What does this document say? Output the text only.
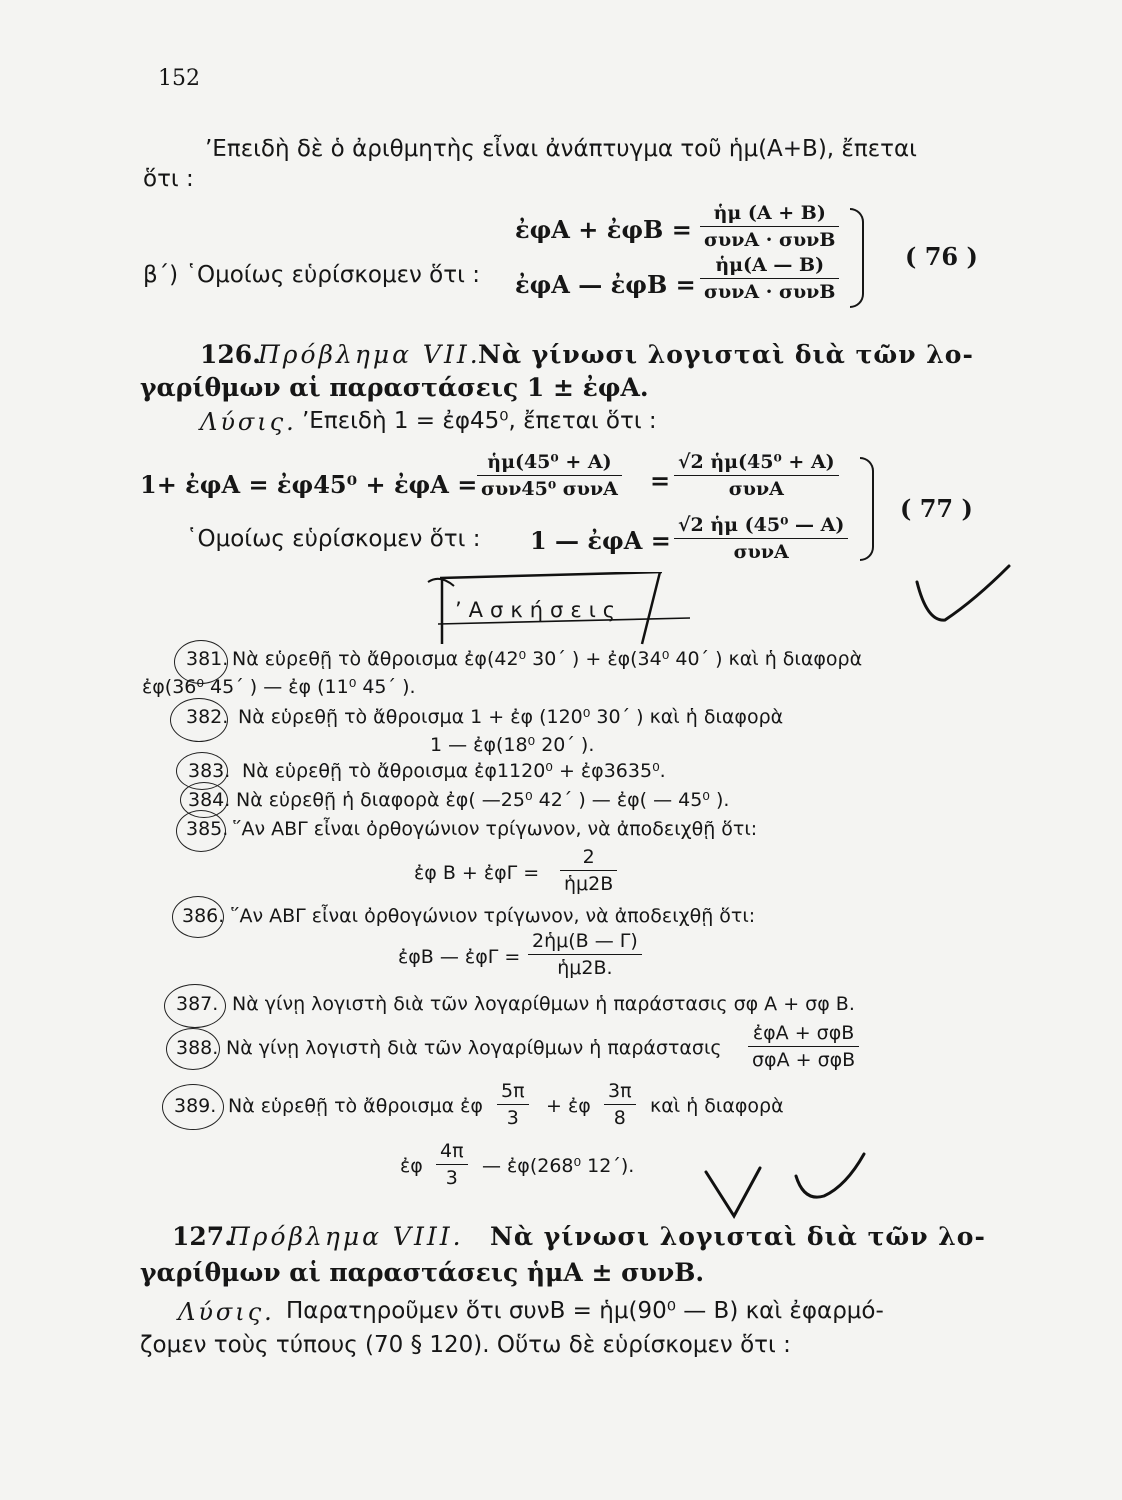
152
’Επειδὴ δὲ ὁ ἀριθμητὴς εἶναι ἀνάπτυγμα τοῦ ἡμ(Α+Β), ἔπεται
ὅτι :
ἐφΑ + ἐφΒ =
ἡμ (Α + Β)
συνΑ · συνΒ
β΄) ῾Ομοίως εὑρίσκομεν ὅτι : ἐφΑ — ἐφΒ =
ἡμ(Α — Β)
συνΑ · συνΒ
( 76 )
126.
Πρόβλημα VII.
Νὰ γίνωσι λογισταὶ διὰ τῶν λο-
γαρίθμων αἱ παραστάσεις 1 ± ἐφΑ.
Λύσις. ’Επειδὴ 1 = ἐφ45⁰, ἔπεται ὅτι :
1+ ἐφΑ = ἐφ45⁰ + ἐφΑ =
ἡμ(45⁰ + Α)
συν45⁰ συνΑ =
√2 ἡμ(45⁰ + Α)
συνΑ
῾Ομοίως εὑρίσκομεν ὅτι : 1 — ἐφΑ =
√2 ἡμ (45⁰ — Α)
συνΑ
( 77 )
’Ασκήσεις
381. Νὰ εὑρεθῇ τὸ ἄθροισμα ἐφ(42⁰ 30΄ ) + ἐφ(34⁰ 40΄ ) καὶ ἡ διαφορὰ
ἐφ(36⁰ 45΄ ) — ἐφ (11⁰ 45΄ ).
382. Νὰ εὑρεθῇ τὸ ἄθροισμα 1 + ἐφ (120⁰ 30΄ ) καὶ ἡ διαφορὰ
1 — ἐφ(18⁰ 20΄ ).
383. Νὰ εὑρεθῇ τὸ ἄθροισμα ἐφ1120⁰ + ἐφ3635⁰.
384. Νὰ εὑρεθῇ ἡ διαφορὰ ἐφ( —25⁰ 42΄ ) — ἐφ( — 45⁰ ).
385. ῞Αν ΑΒΓ εἶναι ὀρθογώνιον τρίγωνον, νὰ ἀποδειχθῇ ὅτι:
ἐφ Β + ἐφΓ = $\frac{2}{\text{ἡμ2Β}}$
386. ῞Αν ΑΒΓ εἶναι ὀρθογώνιον τρίγωνον, νὰ ἀποδειχθῇ ὅτι:
ἐφΒ — ἐφΓ = $\frac{\text{2ἡμ(Β — Γ)}}{\text{ἡμ2Β.}}$
387. Νὰ γίνῃ λογιστὴ διὰ τῶν λογαρίθμων ἡ παράστασις σφ Α + σφ Β.
388. Νὰ γίνῃ λογιστὴ διὰ τῶν λογαρίθμων ἡ παράστασις
ἐφΑ + σφΒ
σφΑ + σφΒ
389. Νὰ εὑρεθῇ τὸ ἄθροισμα ἐφ $\frac{5\pi}{3}$ + ἐφ $\frac{3\pi}{8}$ καὶ ἡ διαφορὰ
ἐφ $\frac{4\pi}{3}$ — ἐφ(268⁰ 12΄).
127.
Πρόβλημα VIII. Νὰ γίνωσι λογισταὶ διὰ τῶν λο-
γαρίθμων αἱ παραστάσεις ἡμΑ ± συνΒ.
Λύσις. Παρατηροῦμεν ὅτι συνΒ = ἡμ(90⁰ — Β) καὶ ἐφαρμό-
ζομεν τοὺς τύπους (70 § 120). Οὕτω δὲ εὑρίσκομεν ὅτι :
